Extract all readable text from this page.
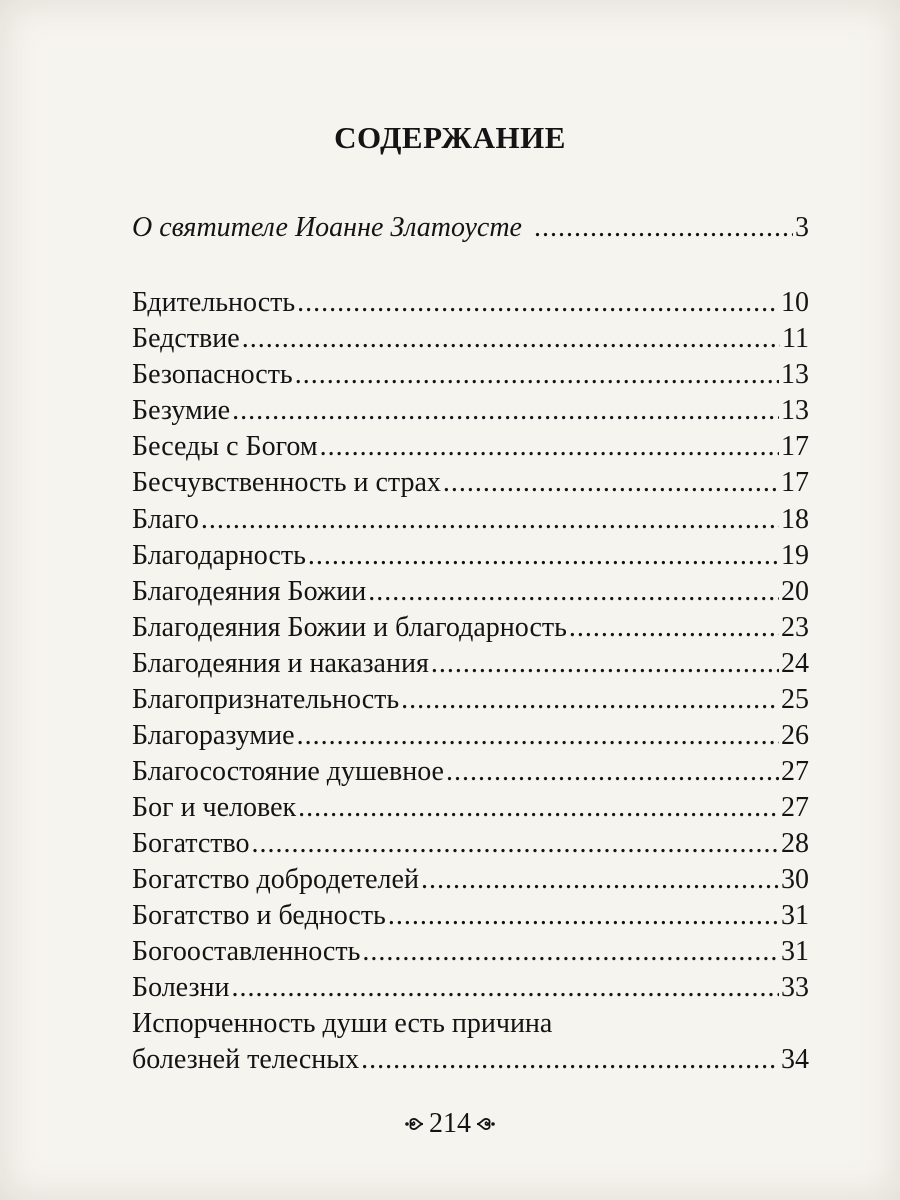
СОДЕРЖАНИЕ
О святителе Иоанне Златоусте .....	3
Бдительность .....	10
Бедствие .....	11
Безопасность .....	13
Безумие .....	13
Беседы с Богом .....	17
Бесчувственность и страх .....	17
Благо .....	18
Благодарность .....	19
Благодеяния Божии .....	20
Благодеяния Божии и благодарность .....	23
Благодеяния и наказания .....	24
Благопризнательность .....	25
Благоразумие .....	26
Благосостояние душевное .....	27
Бог и человек .....	27
Богатство .....	28
Богатство добродетелей .....	30
Богатство и бедность .....	31
Богооставленность .....	31
Болезни .....	33
Испорченность души есть причина
болезней телесных .....	34
214
